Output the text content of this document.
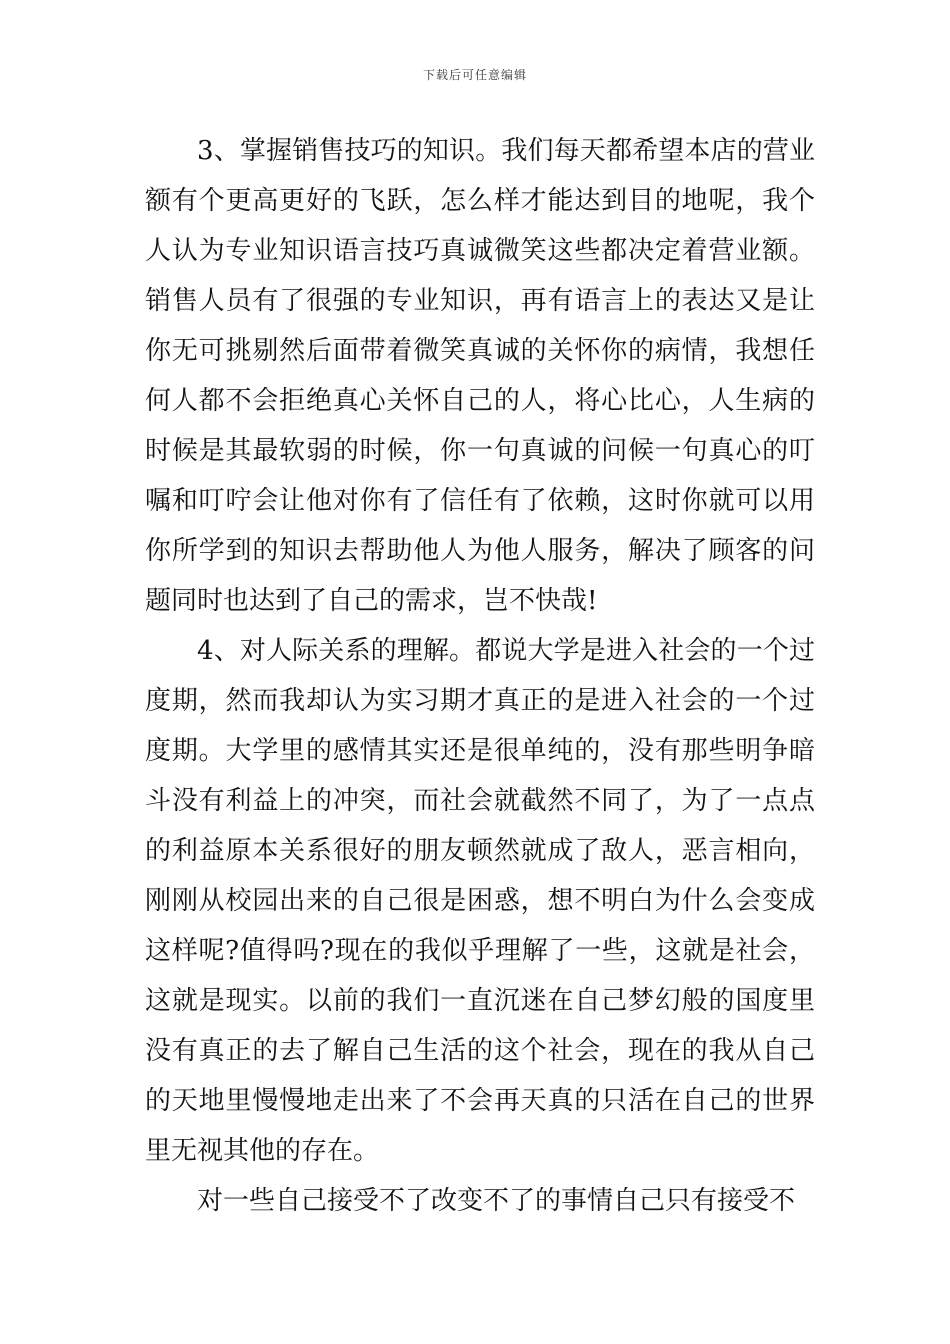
下载后可任意编辑

3、掌握销售技巧的知识。我们每天都希望本店的营业额有个更高更好的飞跃，怎么样才能达到目的地呢，我个人认为专业知识语言技巧真诚微笑这些都决定着营业额。销售人员有了很强的专业知识，再有语言上的表达又是让你无可挑剔然后面带着微笑真诚的关怀你的病情，我想任何人都不会拒绝真心关怀自己的人，将心比心，人生病的时候是其最软弱的时候，你一句真诚的问候一句真心的叮嘱和叮咛会让他对你有了信任有了依赖，这时你就可以用你所学到的知识去帮助他人为他人服务，解决了顾客的问题同时也达到了自己的需求，岂不快哉!

4、对人际关系的理解。都说大学是进入社会的一个过度期，然而我却认为实习期才真正的是进入社会的一个过度期。大学里的感情其实还是很单纯的，没有那些明争暗斗没有利益上的冲突，而社会就截然不同了，为了一点点的利益原本关系很好的朋友顿然就成了敌人，恶言相向，刚刚从校园出来的自己很是困惑，想不明白为什么会变成这样呢?值得吗?现在的我似乎理解了一些，这就是社会，这就是现实。以前的我们一直沉迷在自己梦幻般的国度里没有真正的去了解自己生活的这个社会，现在的我从自己的天地里慢慢地走出来了不会再天真的只活在自己的世界里无视其他的存在。

对一些自己接受不了改变不了的事情自己只有接受不
